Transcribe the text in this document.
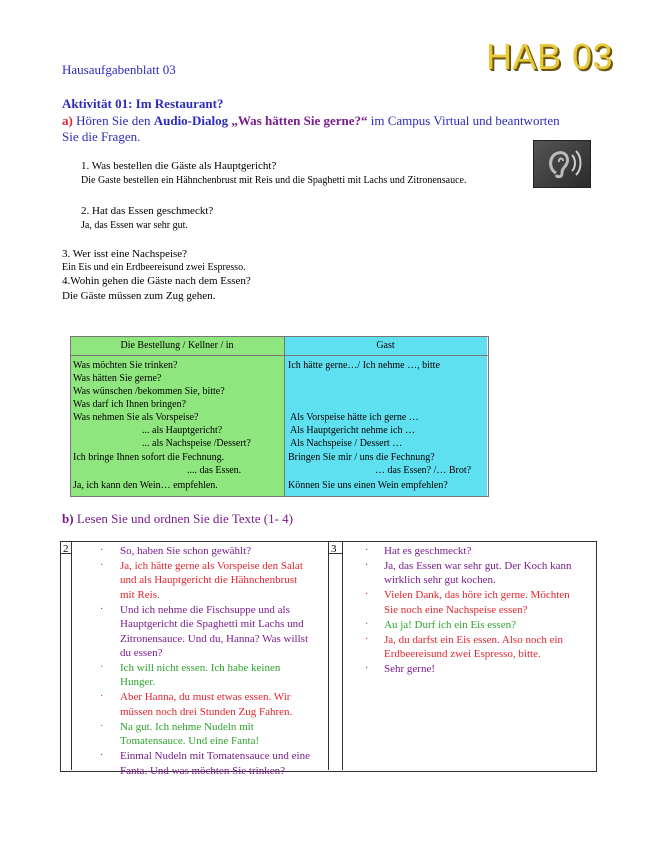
HAB 03
Hausaufgabenblatt 03
Aktivität 01: Im Restaurant?
a) Hören Sie den Audio-Dialog „Was hätten Sie gerne?“ im Campus Virtual und beantworten
Sie die Fragen.
1. Was bestellen die Gäste als Hauptgericht?
Die Gaste bestellen ein Hähnchenbrust mit Reis und die Spaghetti mit Lachs und Zitronensauce.
2. Hat das Essen geschmeckt?
Ja, das Essen war sehr gut.
3. Wer isst eine Nachspeise?
Ein Eis und ein Erdbeereisund zwei Espresso.
4.Wohin gehen die Gäste nach dem Essen?
Die Gäste müssen zum Zug gehen.
Die Bestellung / Kellner / in	Gast
Was möchten Sie trinken?
Was hätten Sie gerne?
Was wünschen /bekommen Sie, bitte?
Was darf ich Ihnen bringen?
Was nehmen Sie als Vorspeise?
... als Hauptgericht?
... als Nachspeise /Dessert?
Ich bringe Ihnen sofort die Fechnung.
.... das Essen.
Ja, ich kann den Wein… empfehlen.
Ich hätte gerne…/ Ich nehme …, bitte
Als Vorspeise hätte ich gerne …
Als Hauptgericht nehme ich …
Als Nachspeise / Dessert …
Bringen Sie mir / uns die Fechnung?
… das Essen? /… Brot?
Können Sie uns einen Wein empfehlen?
b) Lesen Sie und ordnen Sie die Texte (1- 4)
2	3
· So, haben Sie schon gewählt?
· Ja, ich hätte gerne als Vorspeise den Salat
und als Hauptgericht die Hähnchenbrust
mit Reis.
· Und ich nehme die Fischsuppe und als
Hauptgericht die Spaghetti mit Lachs und
Zitronensauce. Und du, Hanna? Was willst
du essen?
· Ich will nicht essen. Ich habe keinen
Hunger.
· Aber Hanna, du must etwas essen. Wir
müssen noch drei Stunden Zug Fahren.
· Na gut. Ich nehme Nudeln mit
Tomatensauce. Und eine Fanta!
· Einmal Nudeln mit Tomatensauce und eine
Fanta. Und was möchten Sie trinken?
· Hat es geschmeckt?
· Ja, das Essen war sehr gut. Der Koch kann
wirklich sehr gut kochen.
· Vielen Dank, das höre ich gerne. Möchten
Sie noch eine Nachspeise essen?
· Au ja! Durf ich ein Eis essen?
· Ja, du darfst ein Eis essen. Also noch ein
Erdbeereisund zwei Espresso, bitte.
· Sehr gerne!
